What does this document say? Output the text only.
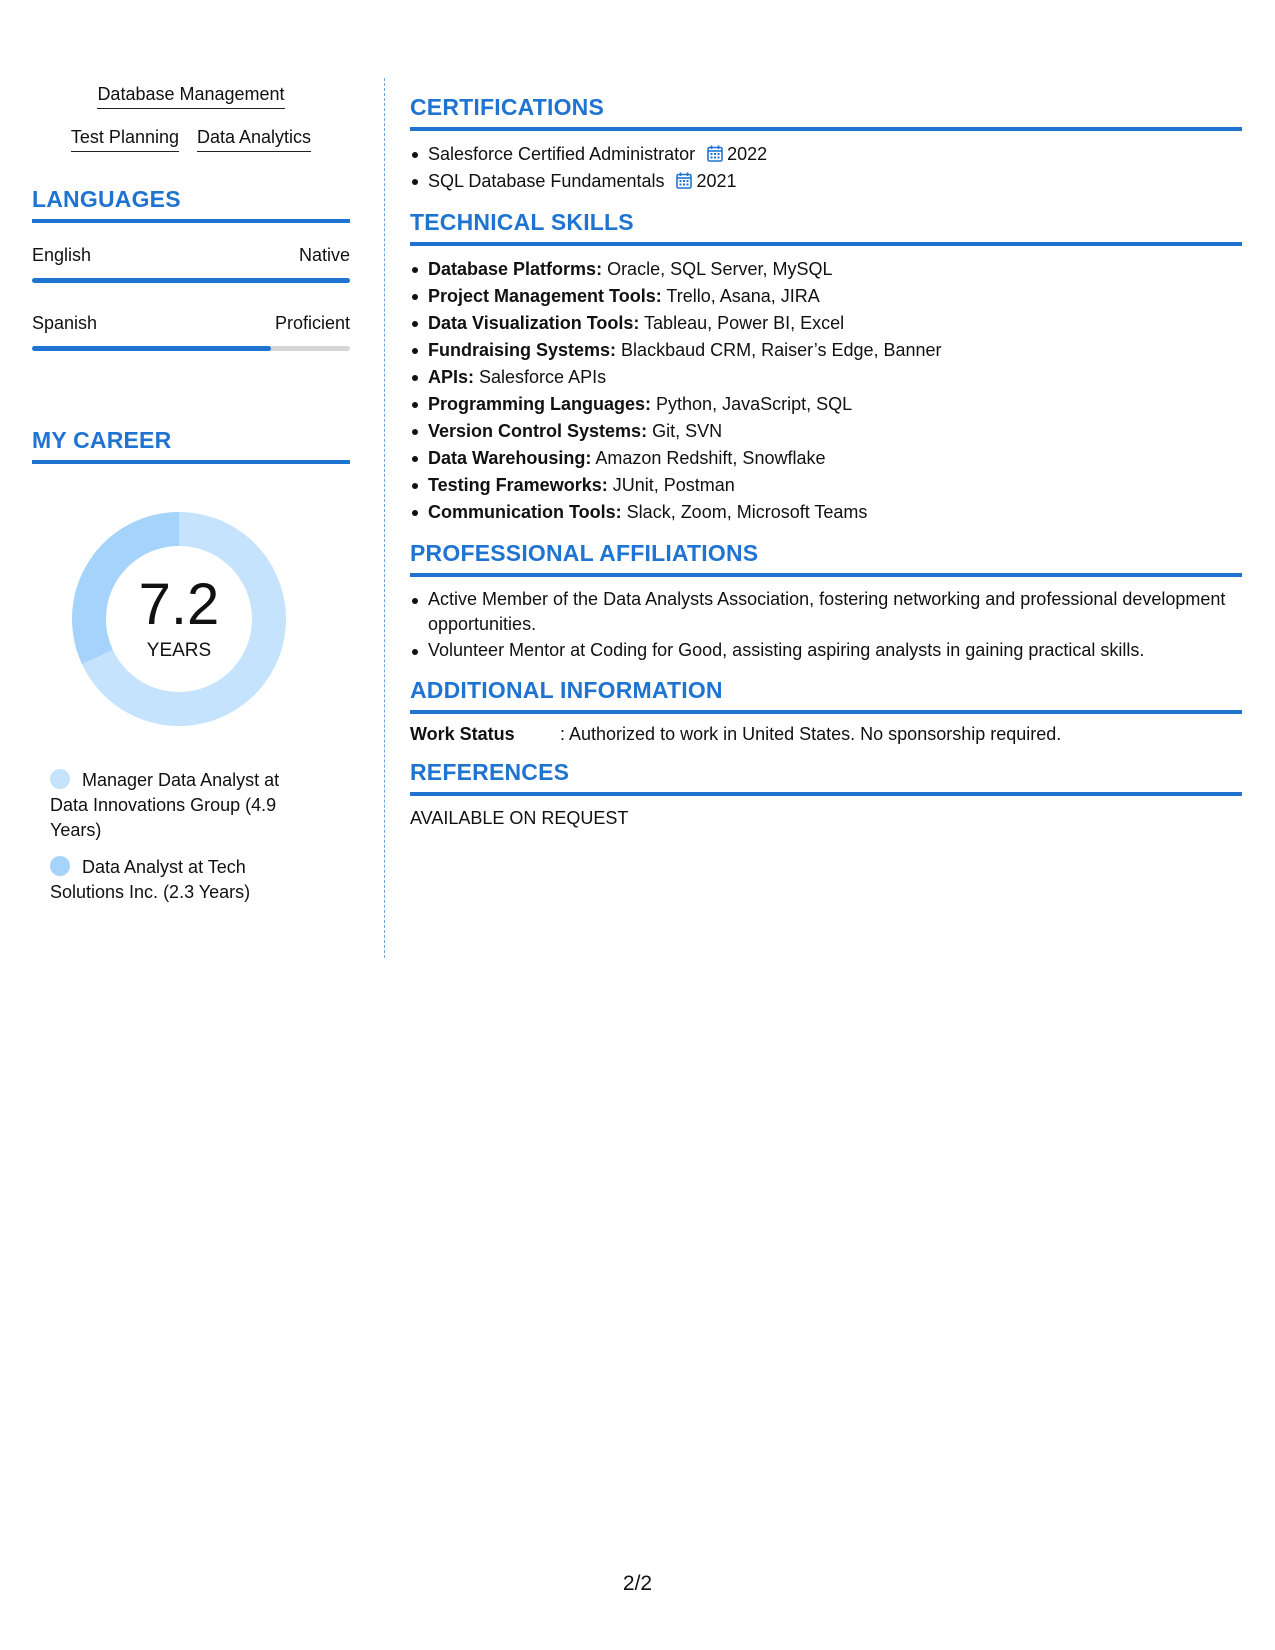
Database Management
Test Planning Data Analytics
LANGUAGES
English	Native
Spanish	Proficient
MY CAREER
7.2
YEARS
Manager Data Analyst at Data Innovations Group (4.9 Years)
Data Analyst at Tech Solutions Inc. (2.3 Years)
CERTIFICATIONS
Salesforce Certified Administrator 2022
SQL Database Fundamentals 2021
TECHNICAL SKILLS
Database Platforms: Oracle, SQL Server, MySQL
Project Management Tools: Trello, Asana, JIRA
Data Visualization Tools: Tableau, Power BI, Excel
Fundraising Systems: Blackbaud CRM, Raiser’s Edge, Banner
APIs: Salesforce APIs
Programming Languages: Python, JavaScript, SQL
Version Control Systems: Git, SVN
Data Warehousing: Amazon Redshift, Snowflake
Testing Frameworks: JUnit, Postman
Communication Tools: Slack, Zoom, Microsoft Teams
PROFESSIONAL AFFILIATIONS
Active Member of the Data Analysts Association, fostering networking and professional development opportunities.
Volunteer Mentor at Coding for Good, assisting aspiring analysts in gaining practical skills.
ADDITIONAL INFORMATION
Work Status	: Authorized to work in United States. No sponsorship required.
REFERENCES
AVAILABLE ON REQUEST
2/2
